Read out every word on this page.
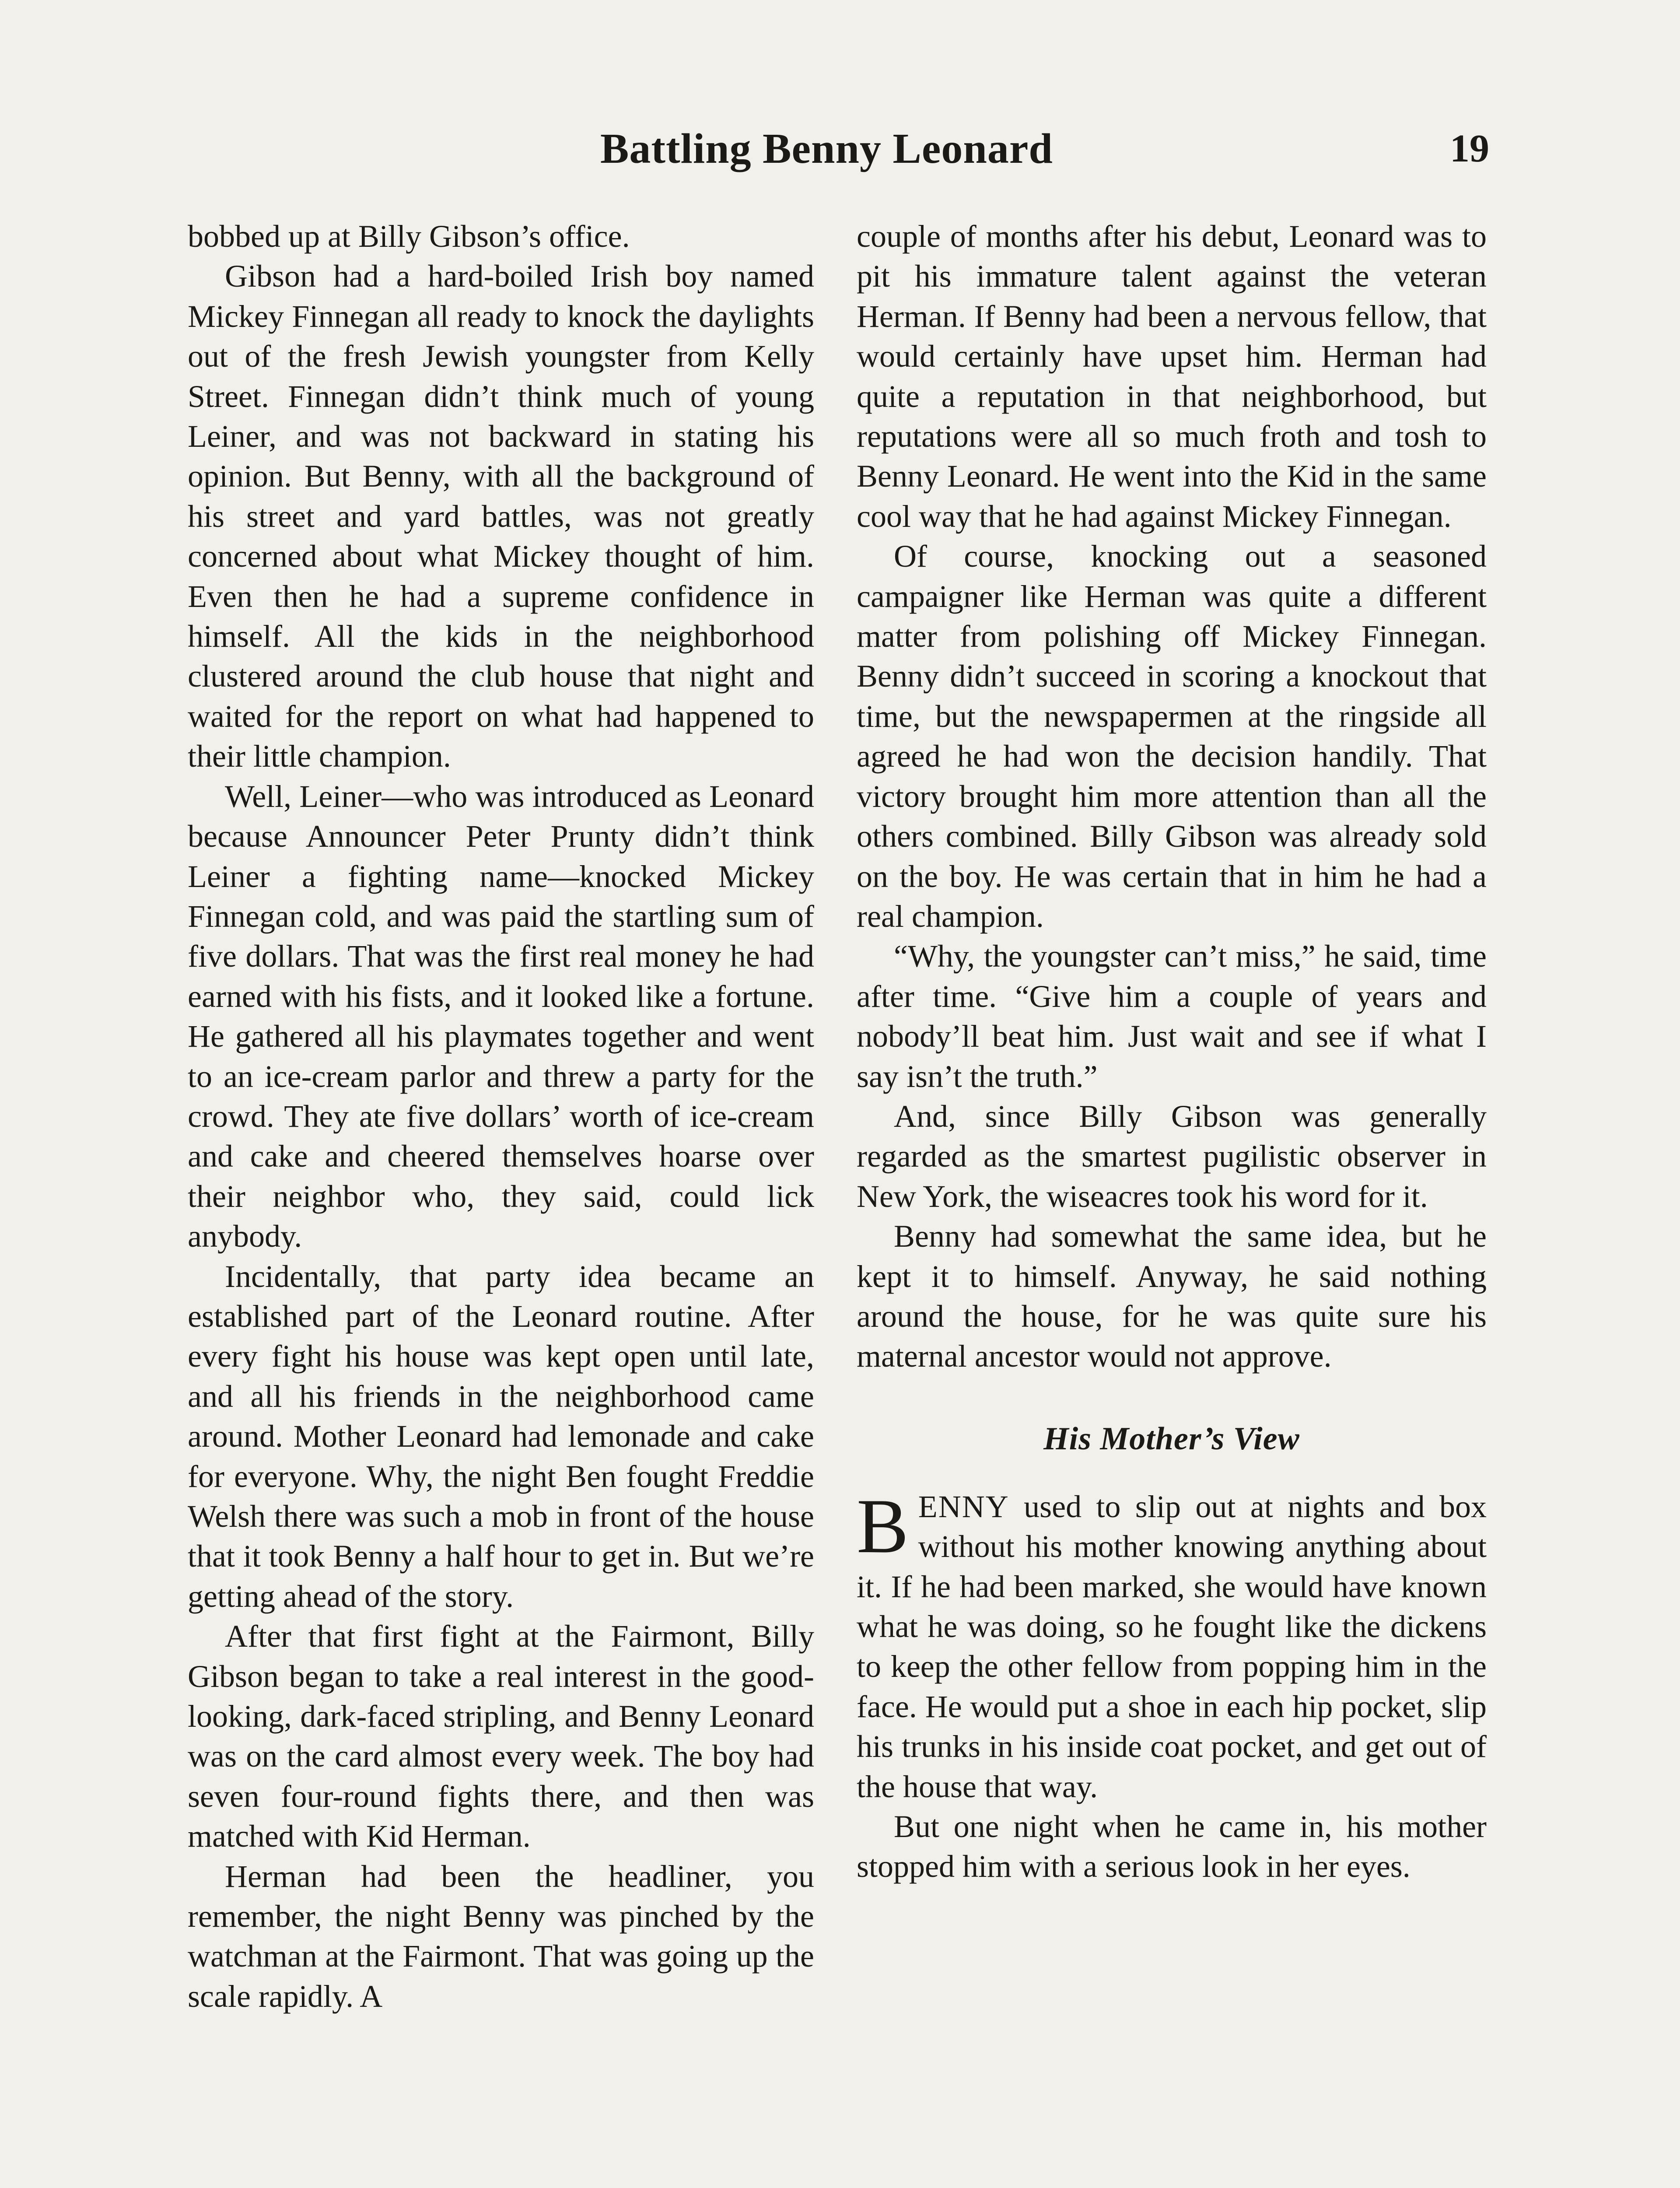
Battling Benny Leonard	19

bobbed up at Billy Gibson’s office.

Gibson had a hard-boiled Irish boy named Mickey Finnegan all ready to knock the daylights out of the fresh Jewish youngster from Kelly Street. Finnegan didn’t think much of young Leiner, and was not backward in stating his opinion. But Benny, with all the background of his street and yard battles, was not greatly concerned about what Mickey thought of him. Even then he had a supreme confidence in himself. All the kids in the neighborhood clustered around the club house that night and waited for the report on what had happened to their little champion.

Well, Leiner—who was introduced as Leonard because Announcer Peter Prunty didn’t think Leiner a fighting name—knocked Mickey Finnegan cold, and was paid the startling sum of five dollars. That was the first real money he had earned with his fists, and it looked like a fortune. He gathered all his playmates together and went to an ice-cream parlor and threw a party for the crowd. They ate five dollars’ worth of ice-cream and cake and cheered themselves hoarse over their neighbor who, they said, could lick anybody.

Incidentally, that party idea became an established part of the Leonard routine. After every fight his house was kept open until late, and all his friends in the neighborhood came around. Mother Leonard had lemonade and cake for everyone. Why, the night Ben fought Freddie Welsh there was such a mob in front of the house that it took Benny a half hour to get in. But we’re getting ahead of the story.

After that first fight at the Fairmont, Billy Gibson began to take a real interest in the good-looking, dark-faced stripling, and Benny Leonard was on the card almost every week. The boy had seven four-round fights there, and then was matched with Kid Herman.

Herman had been the headliner, you remember, the night Benny was pinched by the watchman at the Fairmont. That was going up the scale rapidly. A

couple of months after his debut, Leonard was to pit his immature talent against the veteran Herman. If Benny had been a nervous fellow, that would certainly have upset him. Herman had quite a reputation in that neighborhood, but reputations were all so much froth and tosh to Benny Leonard. He went into the Kid in the same cool way that he had against Mickey Finnegan.

Of course, knocking out a seasoned campaigner like Herman was quite a different matter from polishing off Mickey Finnegan. Benny didn’t succeed in scoring a knockout that time, but the newspapermen at the ringside all agreed he had won the decision handily. That victory brought him more attention than all the others combined. Billy Gibson was already sold on the boy. He was certain that in him he had a real champion.

“Why, the youngster can’t miss,” he said, time after time. “Give him a couple of years and nobody’ll beat him. Just wait and see if what I say isn’t the truth.”

And, since Billy Gibson was generally regarded as the smartest pugilistic observer in New York, the wiseacres took his word for it.

Benny had somewhat the same idea, but he kept it to himself. Anyway, he said nothing around the house, for he was quite sure his maternal ancestor would not approve.

His Mother’s View

BENNY used to slip out at nights and box without his mother knowing anything about it. If he had been marked, she would have known what he was doing, so he fought like the dickens to keep the other fellow from popping him in the face. He would put a shoe in each hip pocket, slip his trunks in his inside coat pocket, and get out of the house that way.

But one night when he came in, his mother stopped him with a serious look in her eyes.
